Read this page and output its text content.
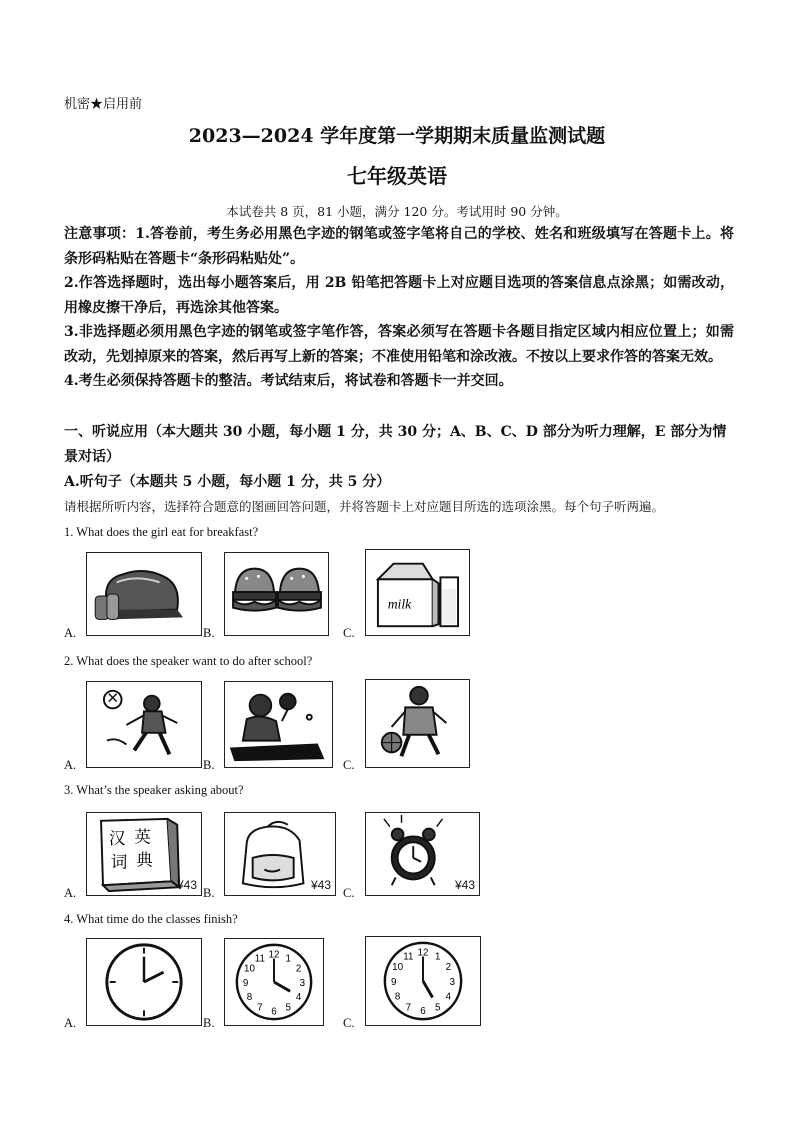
机密★启用前
2023—2024 学年度第一学期期末质量监测试题
七年级英语
本试卷共 8 页，81 小题，满分 120 分。考试用时 90 分钟。

注意事项：1.答卷前，考生务必用黑色字迹的钢笔或签字笔将自己的学校、姓名和班级填写在答题卡上。将条形码粘贴在答题卡“条形码粘贴处”。

2.作答选择题时，选出每小题答案后，用 2B 铅笔把答题卡上对应题目选项的答案信息点涂黑；如需改动，用橡皮擦干净后，再选涂其他答案。

3.非选择题必须用黑色字迹的钢笔或签字笔作答，答案必须写在答题卡各题目指定区域内相应位置上；如需改动，先划掉原来的答案，然后再写上新的答案；不准使用铅笔和涂改液。不按以上要求作答的答案无效。

4.考生必须保持答题卡的整洁。考试结束后，将试卷和答题卡一并交回。

一、听说应用（本大题共 30 小题，每小题 1 分，共 30 分；A、B、C、D 部分为听力理解，E 部分为情景对话）
A.听句子（本题共 5 小题，每小题 1 分，共 5 分）
请根据所听内容，选择符合题意的图画回答问题，并将答题卡上对应题目所选的选项涂黑。每个句子听两遍。
1. What does the girl eat for breakfast?
A.	B.	C.
milk
2. What does the speaker want to do after school?
A.	B.	C.
3. What’s the speaker asking about?
A.
汉 英
词 典
¥43
B.
¥43
C.
¥43
4. What time do the classes finish?
A.	B.
12 1
2
3
4
5
6
7
8
9
10
11
C.
12 1
2
3
4
5
6
7
8
9
10
11
